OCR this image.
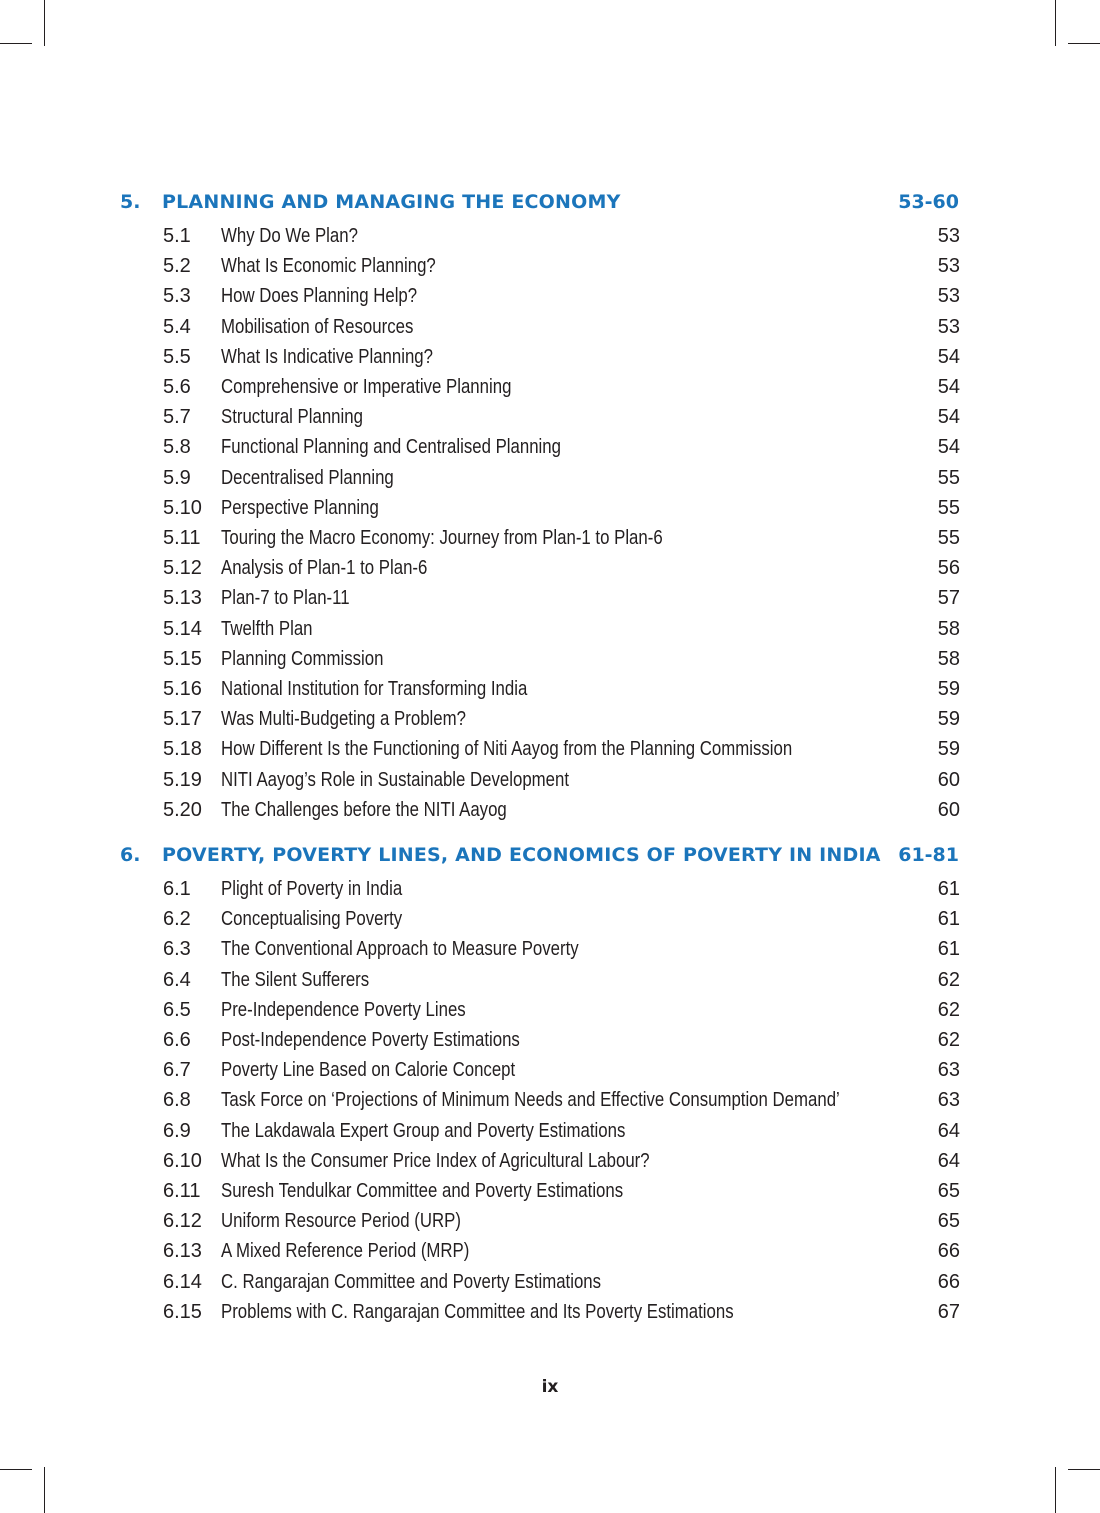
5. PLANNING AND MANAGING THE ECONOMY	53-60
5.1 Why Do We Plan?	53
5.2 What Is Economic Planning?	53
5.3 How Does Planning Help?	53
5.4 Mobilisation of Resources	53
5.5 What Is Indicative Planning?	54
5.6 Comprehensive or Imperative Planning	54
5.7 Structural Planning	54
5.8 Functional Planning and Centralised Planning	54
5.9 Decentralised Planning	55
5.10 Perspective Planning	55
5.11 Touring the Macro Economy: Journey from Plan-1 to Plan-6	55
5.12 Analysis of Plan-1 to Plan-6	56
5.13 Plan-7 to Plan-11	57
5.14 Twelfth Plan	58
5.15 Planning Commission	58
5.16 National Institution for Transforming India	59
5.17 Was Multi-Budgeting a Problem?	59
5.18 How Different Is the Functioning of Niti Aayog from the Planning Commission	59
5.19 NITI Aayog’s Role in Sustainable Development	60
5.20 The Challenges before the NITI Aayog	60
6. POVERTY, POVERTY LINES, AND ECONOMICS OF POVERTY IN INDIA 61-81
6.1 Plight of Poverty in India	61
6.2 Conceptualising Poverty	61
6.3 The Conventional Approach to Measure Poverty	61
6.4 The Silent Sufferers	62
6.5 Pre-Independence Poverty Lines	62
6.6 Post-Independence Poverty Estimations	62
6.7 Poverty Line Based on Calorie Concept	63
6.8 Task Force on ‘Projections of Minimum Needs and Effective Consumption Demand’	63
6.9 The Lakdawala Expert Group and Poverty Estimations	64
6.10 What Is the Consumer Price Index of Agricultural Labour?	64
6.11 Suresh Tendulkar Committee and Poverty Estimations	65
6.12 Uniform Resource Period (URP)	65
6.13 A Mixed Reference Period (MRP)	66
6.14 C. Rangarajan Committee and Poverty Estimations	66
6.15 Problems with C. Rangarajan Committee and Its Poverty Estimations	67
ix
